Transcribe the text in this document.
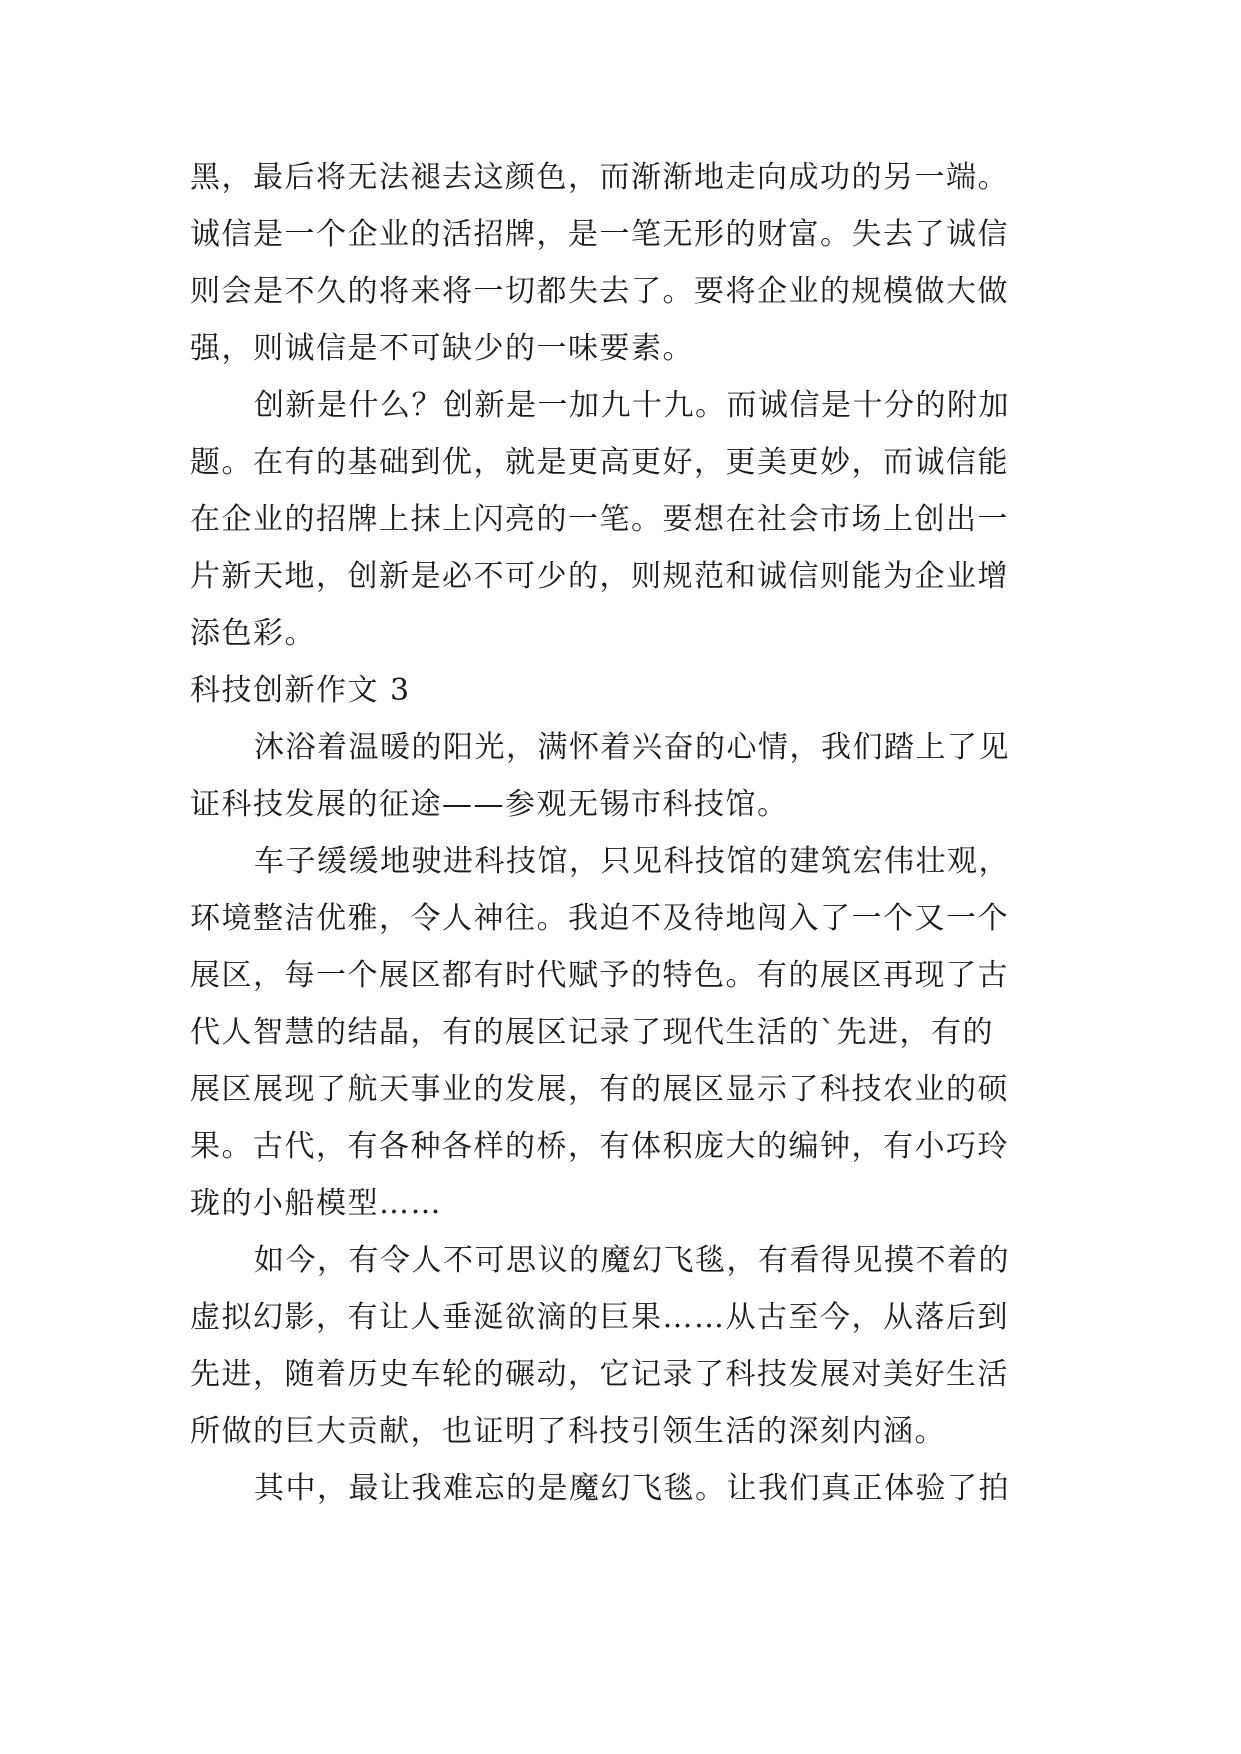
黑，最后将无法褪去这颜色，而渐渐地走向成功的另一端。
诚信是一个企业的活招牌，是一笔无形的财富。失去了诚信
则会是不久的将来将一切都失去了。要将企业的规模做大做
强，则诚信是不可缺少的一味要素。
创新是什么？创新是一加九十九。而诚信是十分的附加
题。在有的基础到优，就是更高更好，更美更妙，而诚信能
在企业的招牌上抹上闪亮的一笔。要想在社会市场上创出一
片新天地，创新是必不可少的，则规范和诚信则能为企业增
添色彩。
科技创新作文 3
沐浴着温暖的阳光，满怀着兴奋的心情，我们踏上了见
证科技发展的征途——参观无锡市科技馆。
车子缓缓地驶进科技馆，只见科技馆的建筑宏伟壮观，
环境整洁优雅，令人神往。我迫不及待地闯入了一个又一个
展区，每一个展区都有时代赋予的特色。有的展区再现了古
代人智慧的结晶，有的展区记录了现代生活的`先进，有的
展区展现了航天事业的发展，有的展区显示了科技农业的硕
果。古代，有各种各样的桥，有体积庞大的编钟，有小巧玲
珑的小船模型……
如今，有令人不可思议的魔幻飞毯，有看得见摸不着的
虚拟幻影，有让人垂涎欲滴的巨果……从古至今，从落后到
先进，随着历史车轮的碾动，它记录了科技发展对美好生活
所做的巨大贡献，也证明了科技引领生活的深刻内涵。
其中，最让我难忘的是魔幻飞毯。让我们真正体验了拍
